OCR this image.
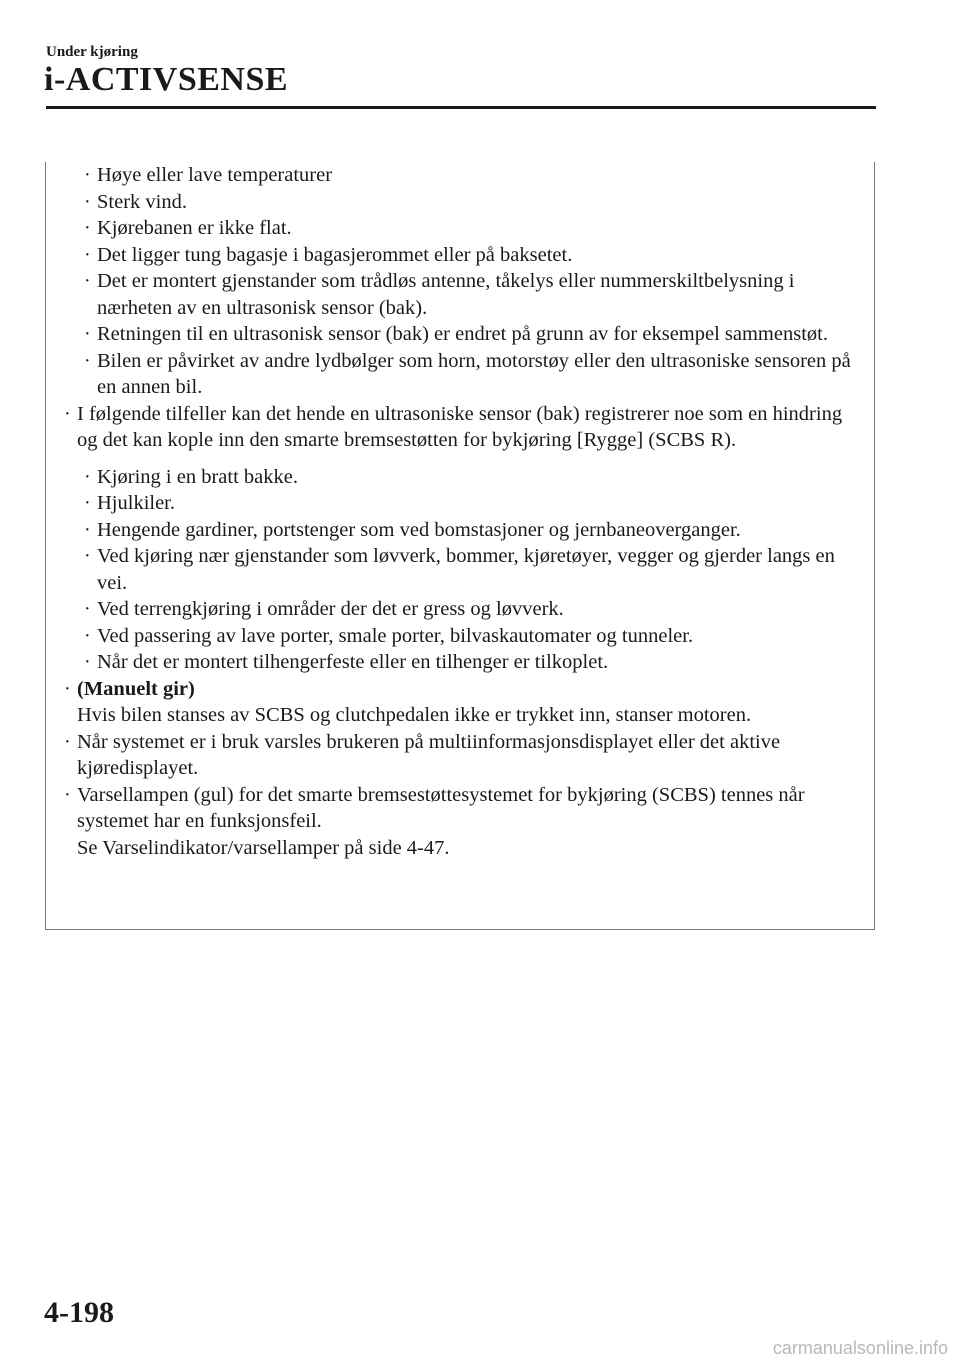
Under kjøring
i-ACTIVSENSE
· Høye eller lave temperaturer
· Sterk vind.
· Kjørebanen er ikke flat.
· Det ligger tung bagasje i bagasjerommet eller på baksetet.
· Det er montert gjenstander som trådløs antenne, tåkelys eller nummerskiltbelysning i nærheten av en ultrasonisk sensor (bak).
· Retningen til en ultrasonisk sensor (bak) er endret på grunn av for eksempel sammenstøt.
· Bilen er påvirket av andre lydbølger som horn, motorstøy eller den ultrasoniske sensoren på en annen bil.
· I følgende tilfeller kan det hende en ultrasoniske sensor (bak) registrerer noe som en hindring og det kan kople inn den smarte bremsestøtten for bykjøring [Rygge] (SCBS R).
· Kjøring i en bratt bakke.
· Hjulkiler.
· Hengende gardiner, portstenger som ved bomstasjoner og jernbaneoverganger.
· Ved kjøring nær gjenstander som løvverk, bommer, kjøretøyer, vegger og gjerder langs en vei.
· Ved terrengkjøring i områder der det er gress og løvverk.
· Ved passering av lave porter, smale porter, bilvaskautomater og tunneler.
· Når det er montert tilhengerfeste eller en tilhenger er tilkoplet.
· (Manuelt gir)
Hvis bilen stanses av SCBS og clutchpedalen ikke er trykket inn, stanser motoren.
· Når systemet er i bruk varsles brukeren på multiinformasjonsdisplayet eller det aktive kjøredisplayet.
· Varsellampen (gul) for det smarte bremsestøttesystemet for bykjøring (SCBS) tennes når systemet har en funksjonsfeil.
Se Varselindikator/varsellamper på side 4-47.
4-198
carmanualsonline.info
